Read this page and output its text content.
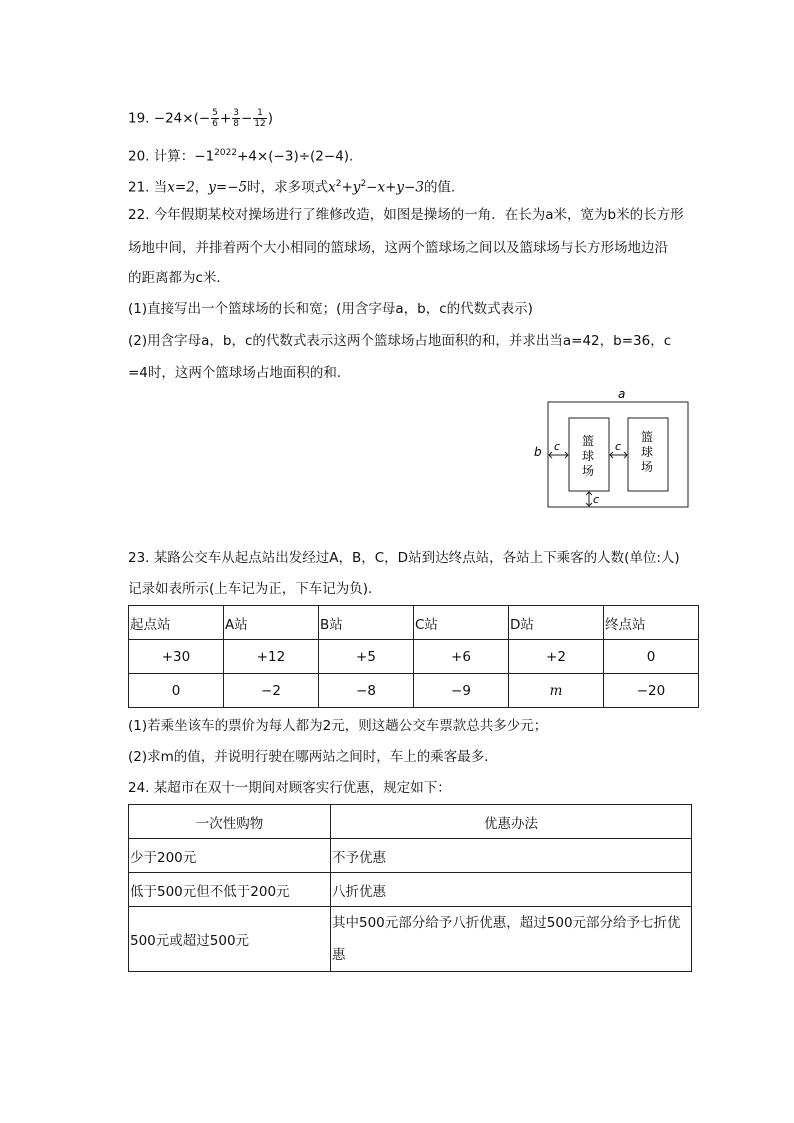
19. $-24\times(- \frac{5}{6} + \frac{3}{8} - \frac{1}{12}$ )
20. 计算：$-1^{2022}+4\times(-3)\div(2-4)$.
21. 当x=2，y=−5时，求多项式$x^2+y^2-x+y-3$的值.
22. 今年假期某校对操场进行了维修改造，如图是操场的一角．在长为a米，宽为b米的长方形
场地中间，并排着两个大小相同的篮球场，这两个篮球场之间以及篮球场与长方形场地边沿
的距离都为c米．
(1)直接写出一个篮球场的长和宽；(用含字母a，b，c的代数式表示)
(2)用含字母a，b，c的代数式表示这两个篮球场占地面积的和，并求出当a=42，b=36，c
=4时，这两个篮球场占地面积的和．
a
b
篮
球
场
篮
球
场
c	c
c
23. 某路公交车从起点站出发经过A，B，C，D站到达终点站，各站上下乘客的人数(单位:人)
记录如表所示(上车记为正，下车记为负)．
起点站	A站	B站	C站	D站	终点站
+30	+12	+5	+6	+2	0
0	−2	−8	−9	m	−20
(1)若乘坐该车的票价为每人都为2元，则这趟公交车票款总共多少元；
(2)求m的值，并说明行驶在哪两站之间时，车上的乘客最多．
24. 某超市在双十一期间对顾客实行优惠，规定如下：
一次性购物	优惠办法
少于200元	不予优惠
低于500元但不低于200元	八折优惠
500元或超过500元	其中500元部分给予八折优惠，超过500元部分给予七折优惠
